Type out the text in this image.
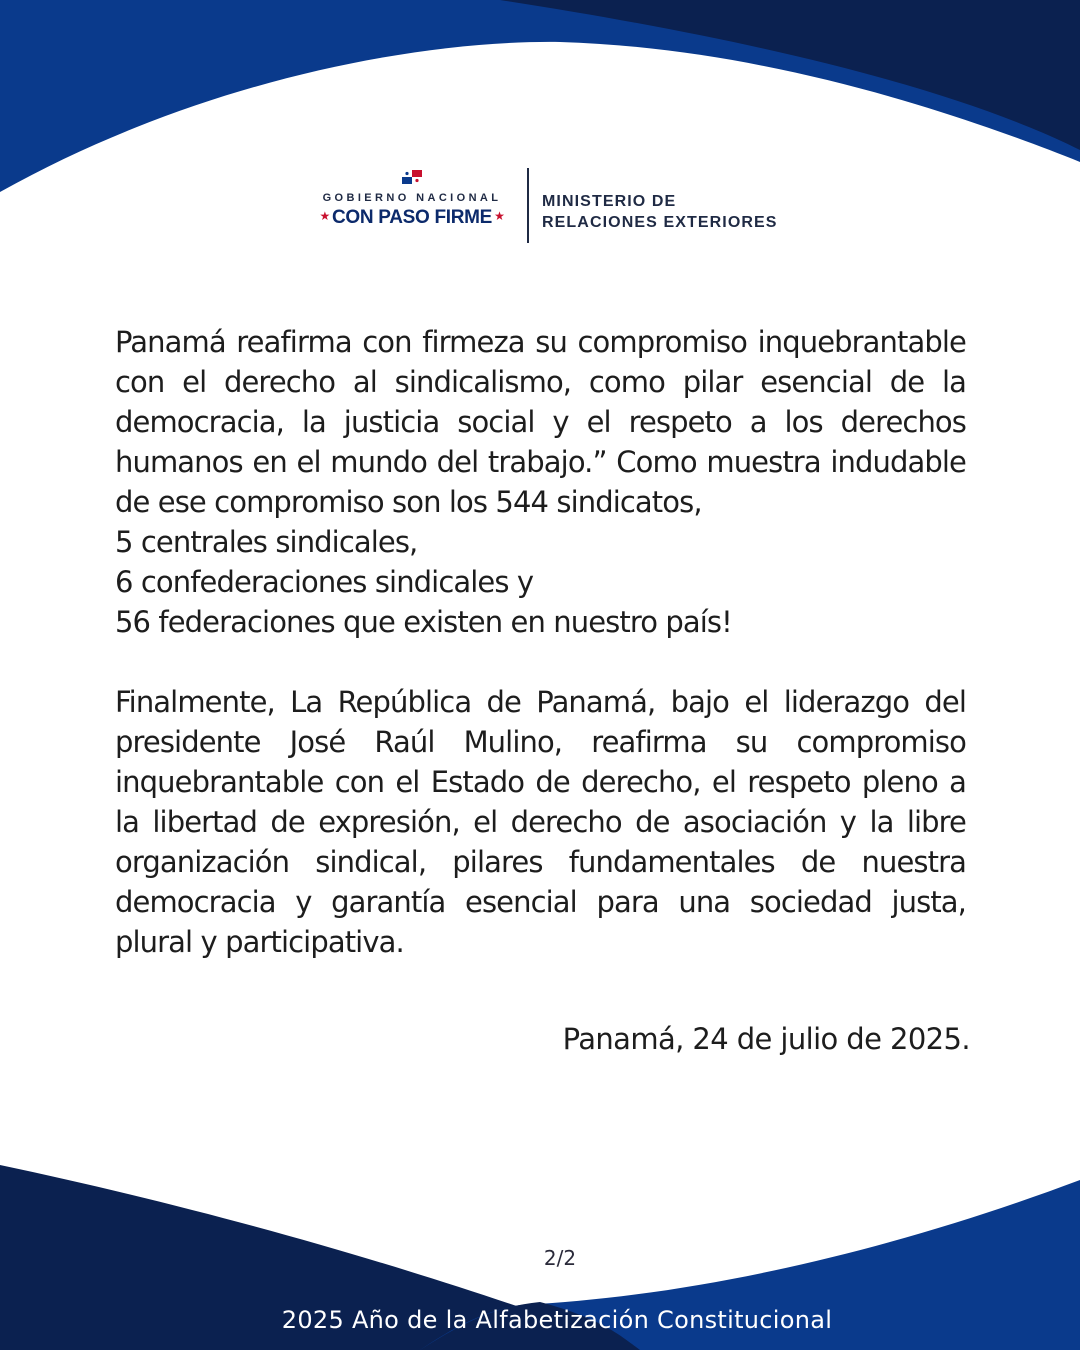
GOBIERNO NACIONAL
★ CON PASO FIRME ★
MINISTERIO DE
RELACIONES EXTERIORES

Panamá reafirma con firmeza su compromiso inquebrantable con el derecho al sindicalismo, como pilar esencial de la democracia, la justicia social y el respeto a los derechos humanos en el mundo del trabajo.” Como muestra indudable de ese compromiso son los 544 sindicatos,

5 centrales sindicales,

6 confederaciones sindicales y

56 federaciones que existen en nuestro país!

Finalmente, La República de Panamá, bajo el liderazgo del presidente José Raúl Mulino, reafirma su compromiso inquebrantable con el Estado de derecho, el respeto pleno a la libertad de expresión, el derecho de asociación y la libre organización sindical, pilares fundamentales de nuestra democracia y garantía esencial para una sociedad justa, plural y participativa.

Panamá, 24 de julio de 2025.
2/2
2025 Año de la Alfabetización Constitucional
